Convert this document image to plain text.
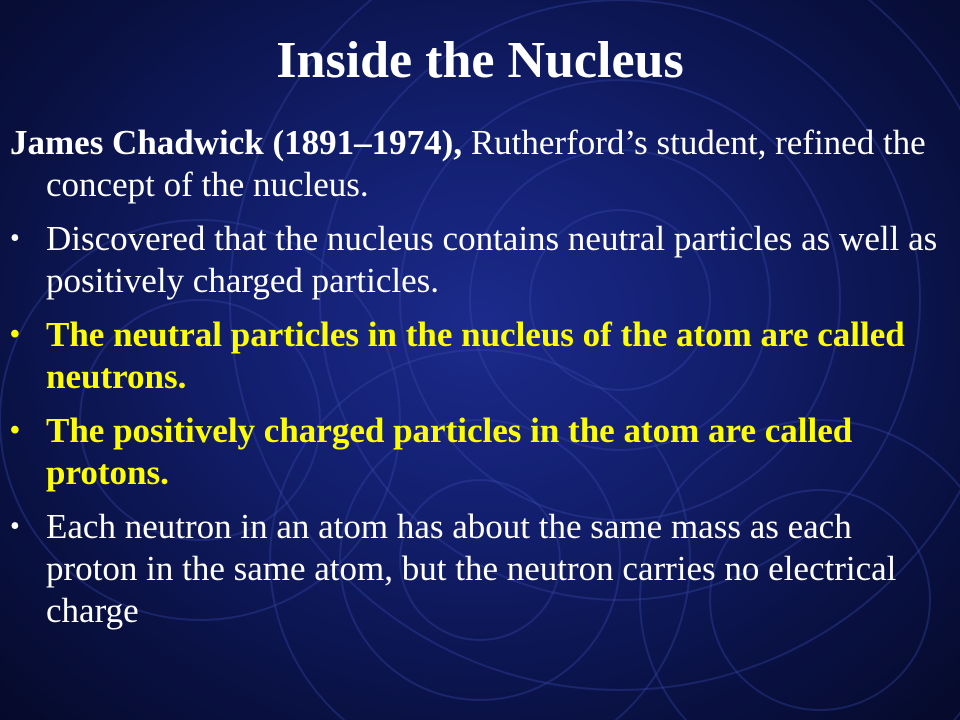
Inside the Nucleus
James Chadwick (1891–1974), Rutherford’s student, refined the concept of the nucleus.
• Discovered that the nucleus contains neutral particles as well as positively charged particles.
• The neutral particles in the nucleus of the atom are called neutrons.
• The positively charged particles in the atom are called protons.
• Each neutron in an atom has about the same mass as each proton in the same atom, but the neutron carries no electrical charge
